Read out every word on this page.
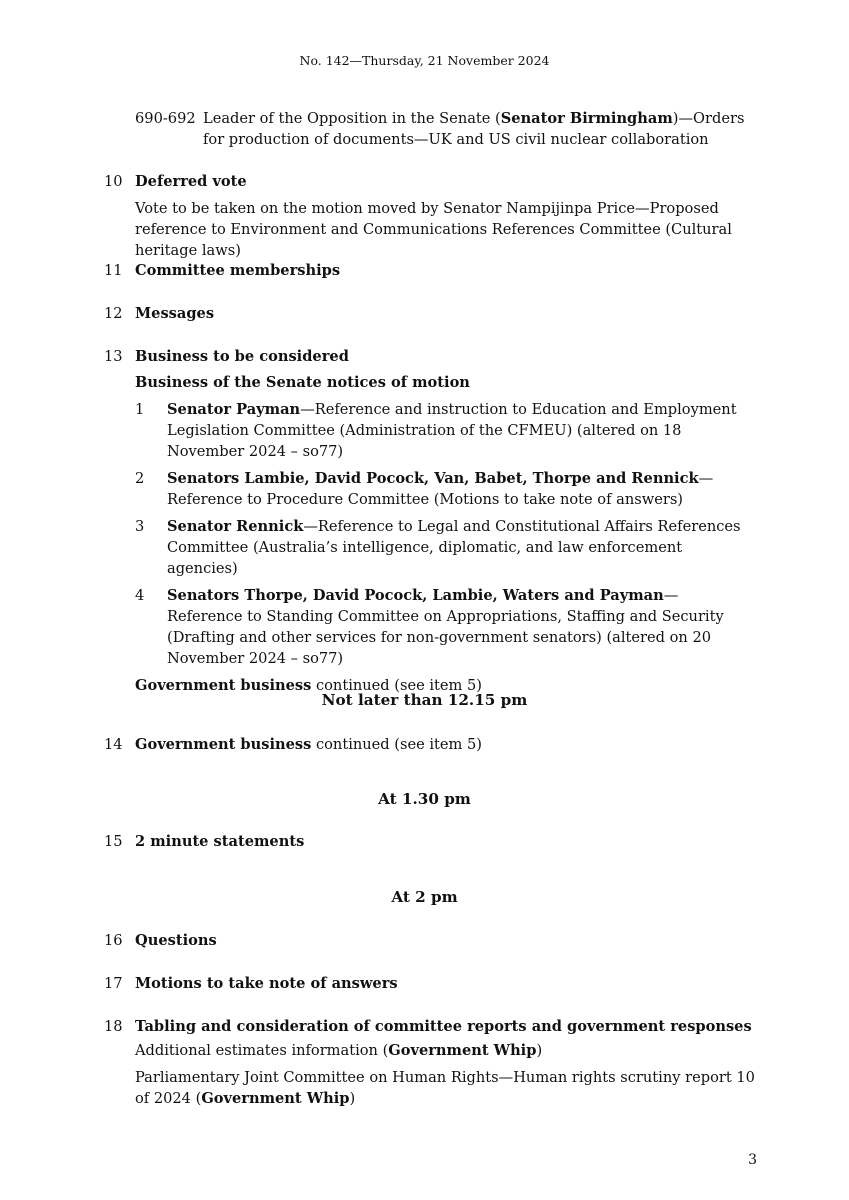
No. 142—Thursday, 21 November 2024
690-692 Leader of the Opposition in the Senate (Senator Birmingham)—Orders for production of documents—UK and US civil nuclear collaboration
10 Deferred vote
Vote to be taken on the motion moved by Senator Nampijinpa Price—Proposed reference to Environment and Communications References Committee (Cultural heritage laws)
11 Committee memberships
12 Messages
13 Business to be considered
Business of the Senate notices of motion
1	Senator Payman—Reference and instruction to Education and Employment Legislation Committee (Administration of the CFMEU) (altered on 18 November 2024 – so77)
2	Senators Lambie, David Pocock, Van, Babet, Thorpe and Rennick—Reference to Procedure Committee (Motions to take note of answers)
3	Senator Rennick—Reference to Legal and Constitutional Affairs References Committee (Australia’s intelligence, diplomatic, and law enforcement agencies)
4	Senators Thorpe, David Pocock, Lambie, Waters and Payman—Reference to Standing Committee on Appropriations, Staffing and Security (Drafting and other services for non-government senators) (altered on 20 November 2024 – so77)
Government business continued (see item 5)
Not later than 12.15 pm
14 Government business continued (see item 5)
At 1.30 pm
15 2 minute statements
At 2 pm
16 Questions
17 Motions to take note of answers
18 Tabling and consideration of committee reports and government responses
Additional estimates information (Government Whip)
Parliamentary Joint Committee on Human Rights—Human rights scrutiny report 10 of 2024 (Government Whip)
3
